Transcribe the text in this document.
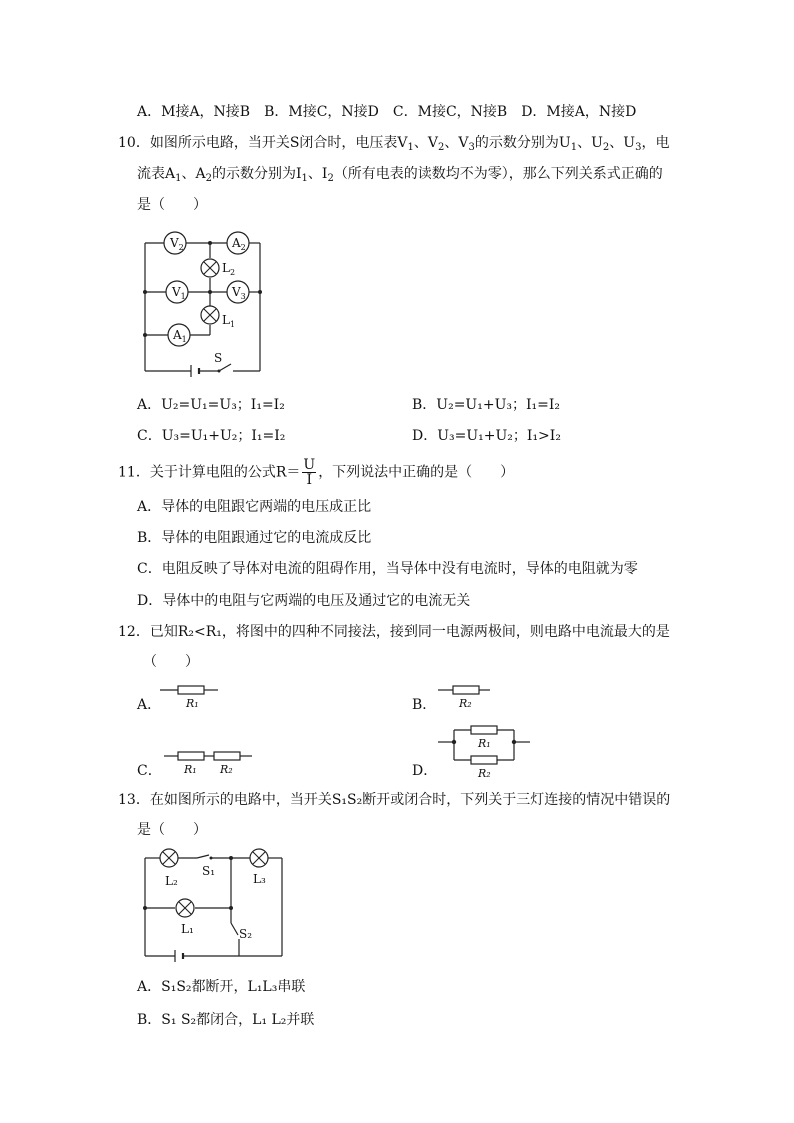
A．M接A，N接B　B．M接C，N接D　C．M接C，N接B　D．M接A，N接D
10．如图所示电路，当开关S闭合时，电压表$V_1$、$V_2$、$V_3$的示数分别为$U_1$、$U_2$、$U_3$，电
流表$A_1$、$A_2$的示数分别为$I_1$、$I_2$（所有电表的读数均不为零），那么下列关系式正确的
是（　　）
$V_2$	$A_2$
$V_1$	$V_3$
$A_1$
$L_2$
$L_1$
S
A．U₂=U₁=U₃；I₁=I₂	B．U₂=U₁+U₃；I₁=I₂
C．U₃=U₁+U₂；I₁=I₂	D．U₃=U₁+U₂；I₁>I₂
11．关于计算电阻的公式$R= \frac{U}{I}$ ，下列说法中正确的是（　　）
A．导体的电阻跟它两端的电压成正比
B．导体的电阻跟通过它的电流成反比
C．电阻反映了导体对电流的阻碍作用，当导体中没有电流时，导体的电阻就为零
D．导体中的电阻与它两端的电压及通过它的电流无关
12．已知R₂<R₁，将图中的四种不同接法，接到同一电源两极间，则电路中电流最大的是
（　　）
A． R₁	B． R₂
C． R₁ R₂	D．
R₁
R₂
13．在如图所示的电路中，当开关S₁S₂断开或闭合时，下列关于三灯连接的情况中错误的
是（　　）
L₂
S₁
L₃
L₁	S₂
A．S₁S₂都断开，L₁L₃串联
B．S₁ S₂都闭合，L₁ L₂并联
